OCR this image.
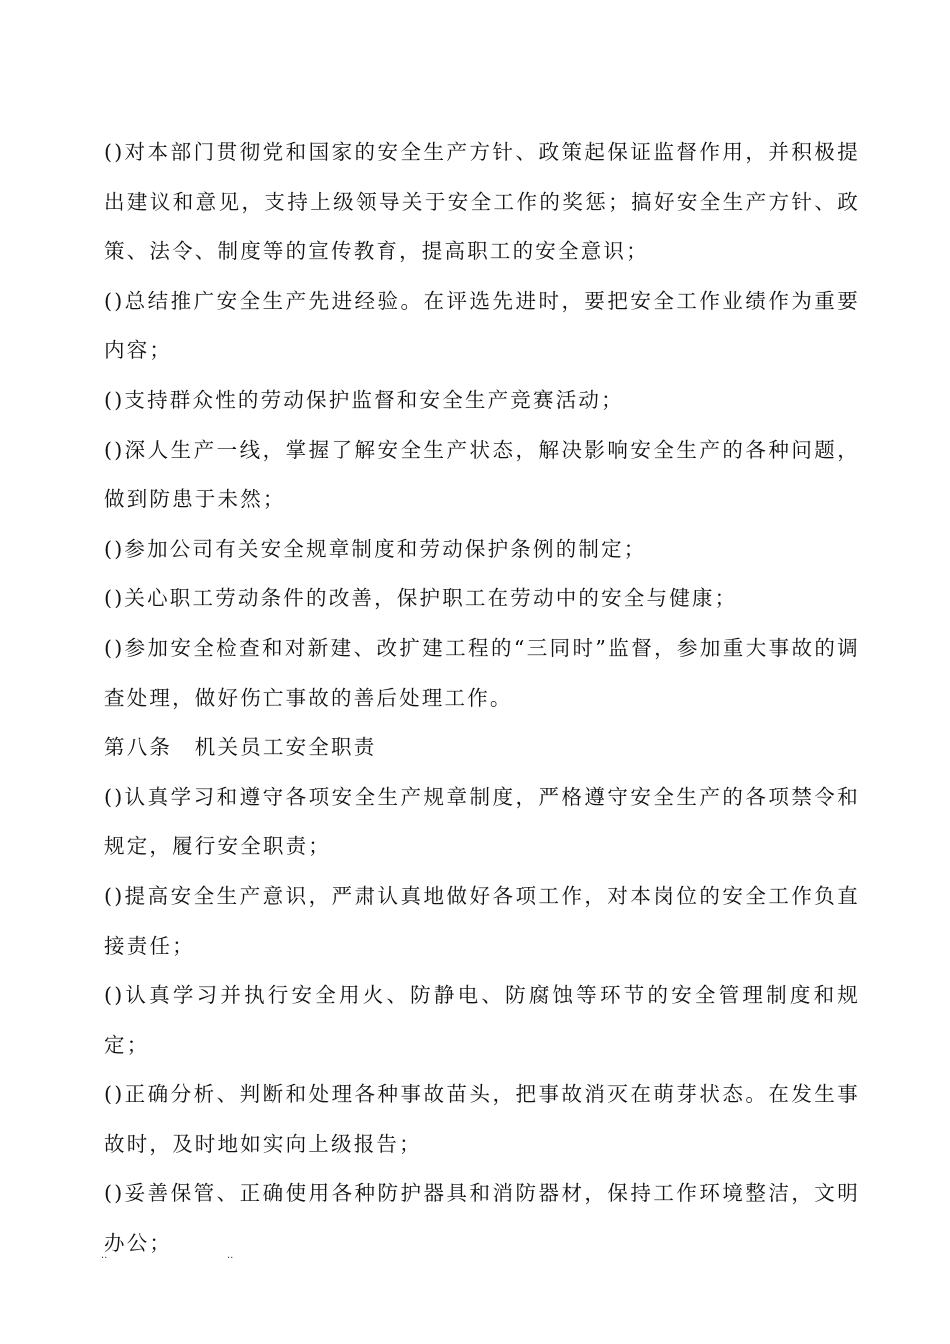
()对本部门贯彻党和国家的安全生产方针、政策起保证监督作用，并积极提出建议和意见，支持上级领导关于安全工作的奖惩；搞好安全生产方针、政策、法令、制度等的宣传教育，提高职工的安全意识；

()总结推广安全生产先进经验。在评选先进时，要把安全工作业绩作为重要内容；

()支持群众性的劳动保护监督和安全生产竞赛活动；

()深人生产一线，掌握了解安全生产状态，解决影响安全生产的各种问题，做到防患于未然；

()参加公司有关安全规章制度和劳动保护条例的制定；

()关心职工劳动条件的改善，保护职工在劳动中的安全与健康；

()参加安全检查和对新建、改扩建工程的“三同时”监督，参加重大事故的调查处理，做好伤亡事故的善后处理工作。

第八条　机关员工安全职责

()认真学习和遵守各项安全生产规章制度，严格遵守安全生产的各项禁令和规定，履行安全职责；

()提高安全生产意识，严肃认真地做好各项工作，对本岗位的安全工作负直接责任；

()认真学习并执行安全用火、防静电、防腐蚀等环节的安全管理制度和规定；

()正确分析、判断和处理各种事故苗头，把事故消灭在萌芽状态。在发生事故时，及时地如实向上级报告；

()妥善保管、正确使用各种防护器具和消防器材，保持工作环境整洁，文明办公；

..	..
